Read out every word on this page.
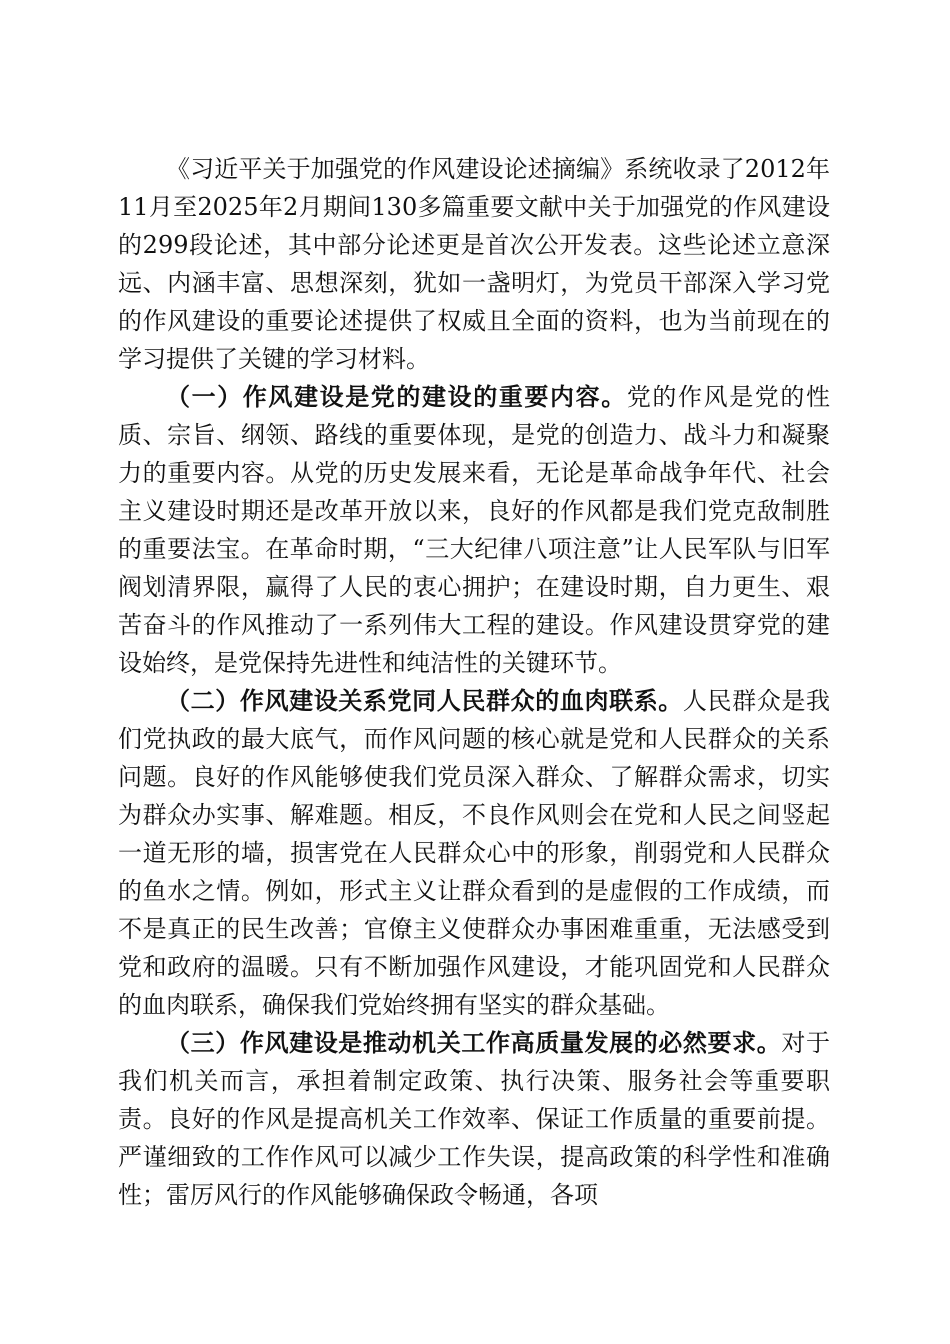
《习近平关于加强党的作风建设论述摘编》系统收录了2012年11月至2025年2月期间130多篇重要文献中关于加强党的作风建设的299段论述，其中部分论述更是首次公开发表。这些论述立意深远、内涵丰富、思想深刻，犹如一盏明灯，为党员干部深入学习党的作风建设的重要论述提供了权威且全面的资料，也为当前现在的学习提供了关键的学习材料。

（一）作风建设是党的建设的重要内容。党的作风是党的性质、宗旨、纲领、路线的重要体现，是党的创造力、战斗力和凝聚力的重要内容。从党的历史发展来看，无论是革命战争年代、社会主义建设时期还是改革开放以来，良好的作风都是我们党克敌制胜的重要法宝。在革命时期，“三大纪律八项注意”让人民军队与旧军阀划清界限，赢得了人民的衷心拥护；在建设时期，自力更生、艰苦奋斗的作风推动了一系列伟大工程的建设。作风建设贯穿党的建设始终，是党保持先进性和纯洁性的关键环节。

（二）作风建设关系党同人民群众的血肉联系。人民群众是我们党执政的最大底气，而作风问题的核心就是党和人民群众的关系问题。良好的作风能够使我们党员深入群众、了解群众需求，切实为群众办实事、解难题。相反，不良作风则会在党和人民之间竖起一道无形的墙，损害党在人民群众心中的形象，削弱党和人民群众的鱼水之情。例如，形式主义让群众看到的是虚假的工作成绩，而不是真正的民生改善；官僚主义使群众办事困难重重，无法感受到党和政府的温暖。只有不断加强作风建设，才能巩固党和人民群众的血肉联系，确保我们党始终拥有坚实的群众基础。

（三）作风建设是推动机关工作高质量发展的必然要求。对于我们机关而言，承担着制定政策、执行决策、服务社会等重要职责。良好的作风是提高机关工作效率、保证工作质量的重要前提。严谨细致的工作作风可以减少工作失误，提高政策的科学性和准确性；雷厉风行的作风能够确保政令畅通，各项
